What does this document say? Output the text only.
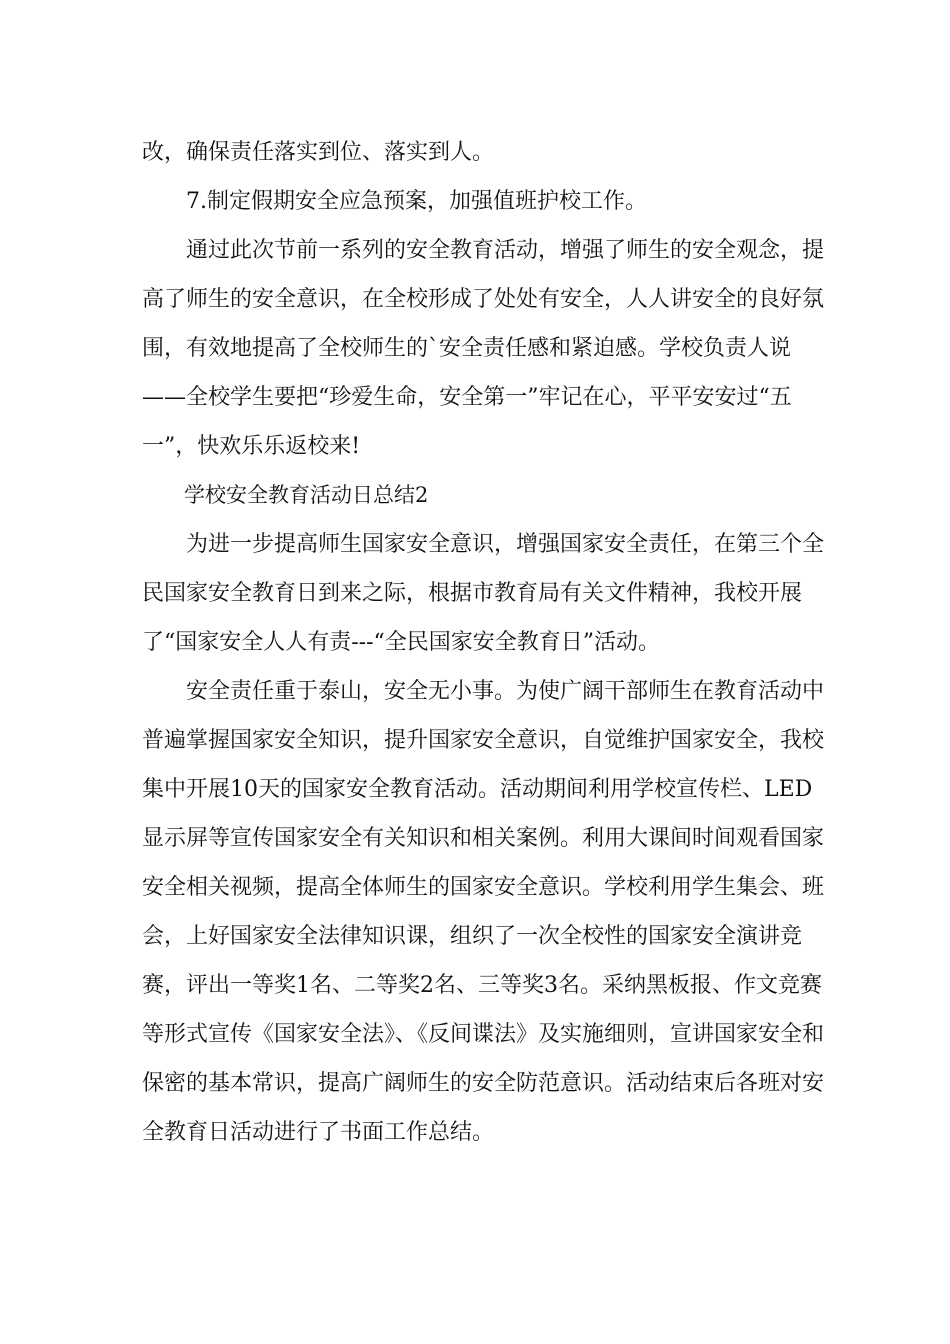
改，确保责任落实到位、落实到人。

7.制定假期安全应急预案，加强值班护校工作。

通过此次节前一系列的安全教育活动，增强了师生的安全观念，提高了师生的安全意识，在全校形成了处处有安全，人人讲安全的良好氛围，有效地提高了全校师生的`安全责任感和紧迫感。学校负责人说——全校学生要把“珍爱生命，安全第一”牢记在心，平平安安过“五一”，快欢乐乐返校来!

学校安全教育活动日总结2

为进一步提高师生国家安全意识，增强国家安全责任，在第三个全民国家安全教育日到来之际，根据市教育局有关文件精神，我校开展了“国家安全人人有责---“全民国家安全教育日”活动。

安全责任重于泰山，安全无小事。为使广阔干部师生在教育活动中普遍掌握国家安全知识，提升国家安全意识，自觉维护国家安全，我校集中开展10天的国家安全教育活动。活动期间利用学校宣传栏、LED显示屏等宣传国家安全有关知识和相关案例。利用大课间时间观看国家安全相关视频，提高全体师生的国家安全意识。学校利用学生集会、班会，上好国家安全法律知识课，组织了一次全校性的国家安全演讲竞赛，评出一等奖1名、二等奖2名、三等奖3名。采纳黑板报、作文竞赛等形式宣传《国家安全法》、《反间谍法》及实施细则，宣讲国家安全和保密的基本常识，提高广阔师生的安全防范意识。活动结束后各班对安全教育日活动进行了书面工作总结。
